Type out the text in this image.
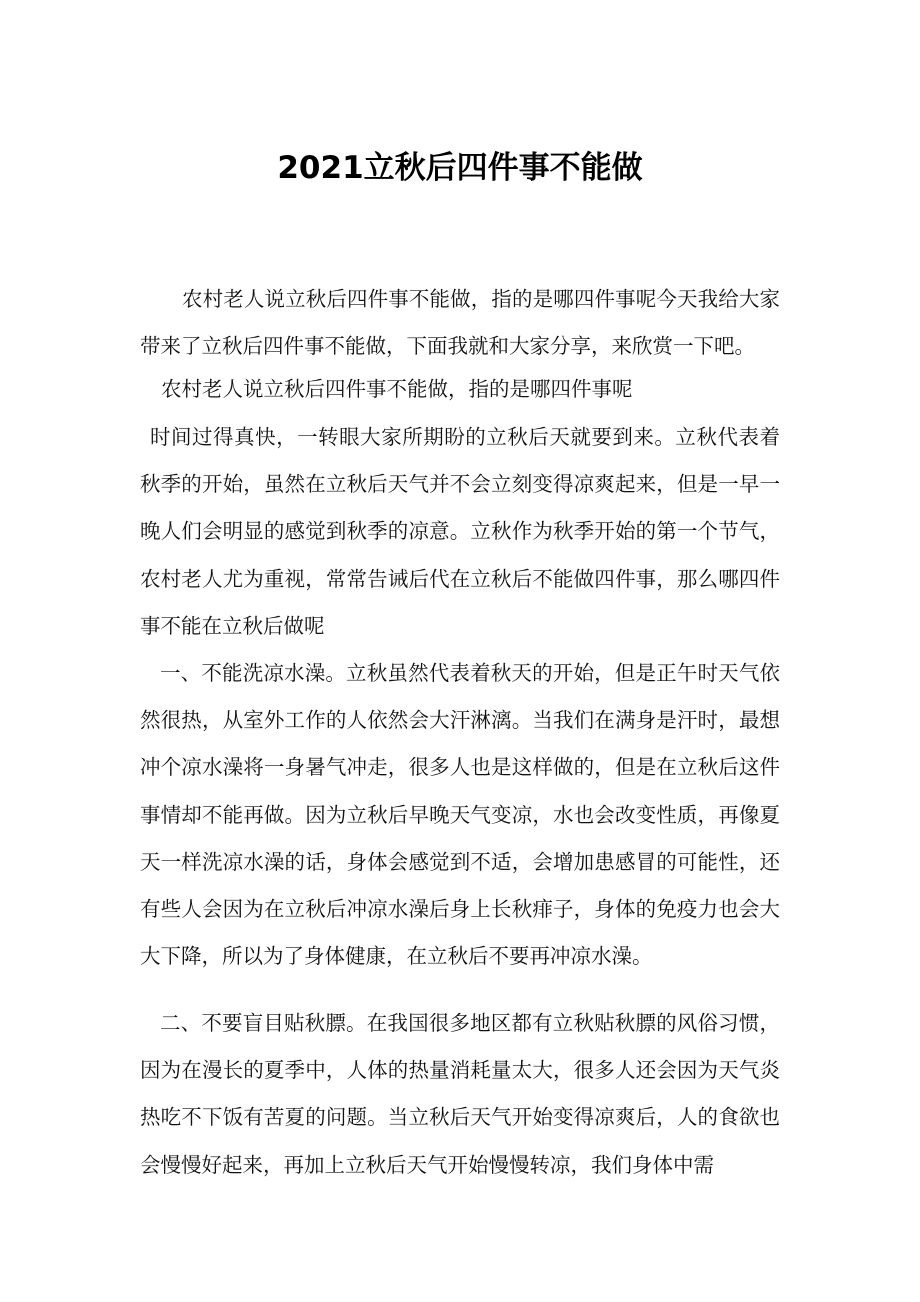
2021立秋后四件事不能做

农村老人说立秋后四件事不能做，指的是哪四件事呢今天我给大家带来了立秋后四件事不能做，下面我就和大家分享，来欣赏一下吧。

农村老人说立秋后四件事不能做，指的是哪四件事呢

时间过得真快，一转眼大家所期盼的立秋后天就要到来。立秋代表着秋季的开始，虽然在立秋后天气并不会立刻变得凉爽起来，但是一早一晚人们会明显的感觉到秋季的凉意。立秋作为秋季开始的第一个节气，农村老人尤为重视，常常告诫后代在立秋后不能做四件事，那么哪四件事不能在立秋后做呢

一、不能洗凉水澡。立秋虽然代表着秋天的开始，但是正午时天气依然很热，从室外工作的人依然会大汗淋漓。当我们在满身是汗时，最想冲个凉水澡将一身暑气冲走，很多人也是这样做的，但是在立秋后这件事情却不能再做。因为立秋后早晚天气变凉，水也会改变性质，再像夏天一样洗凉水澡的话，身体会感觉到不适，会增加患感冒的可能性，还有些人会因为在立秋后冲凉水澡后身上长秋痱子，身体的免疫力也会大大下降，所以为了身体健康，在立秋后不要再冲凉水澡。

二、不要盲目贴秋膘。在我国很多地区都有立秋贴秋膘的风俗习惯，因为在漫长的夏季中，人体的热量消耗量太大，很多人还会因为天气炎热吃不下饭有苦夏的问题。当立秋后天气开始变得凉爽后，人的食欲也会慢慢好起来，再加上立秋后天气开始慢慢转凉，我们身体中需
